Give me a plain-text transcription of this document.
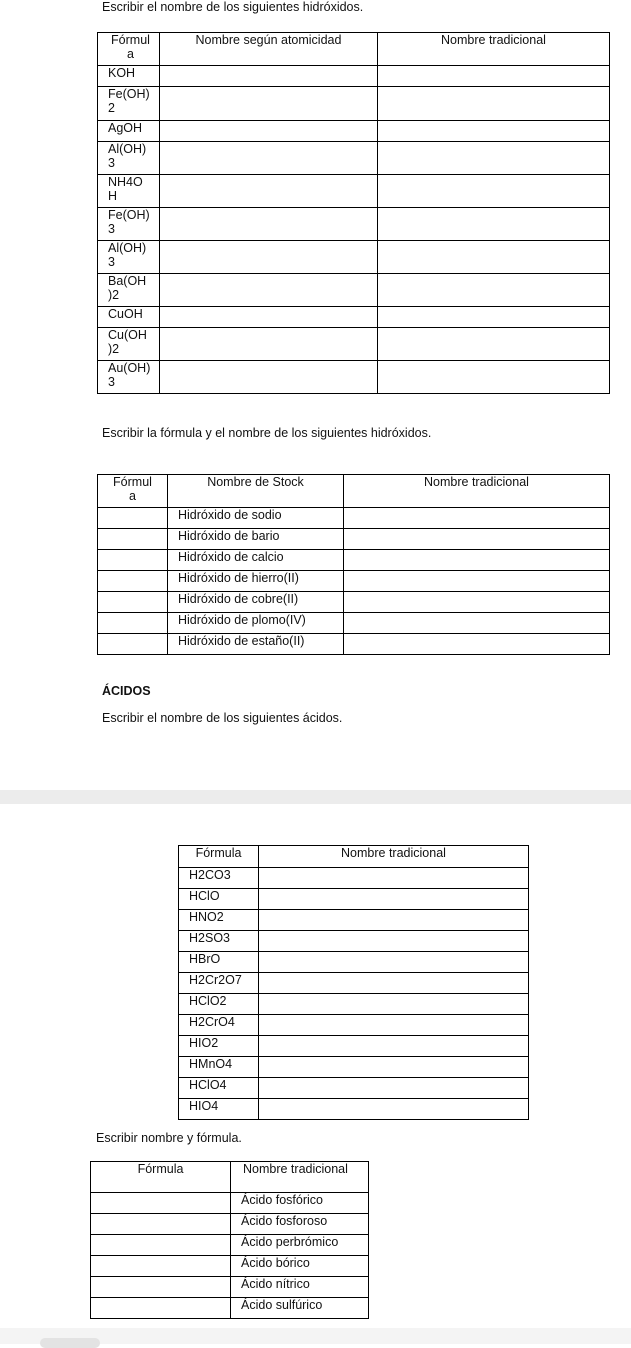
Escribir el nombre de los siguientes hidróxidos.
Fórmul a	Nombre según atomicidad	Nombre tradicional
KOH		
Fe(OH) 2		
AgOH		
Al(OH) 3		
NH4O H		
Fe(OH) 3		
Al(OH) 3		
Ba(OH )2		
CuOH		
Cu(OH )2		
Au(OH) 3		
Escribir la fórmula y el nombre de los siguientes hidróxidos.
Fórmul a	Nombre de Stock	Nombre tradicional
	Hidróxido de sodio	
	Hidróxido de bario	
	Hidróxido de calcio	
	Hidróxido de hierro(II)	
	Hidróxido de cobre(II)	
	Hidróxido de plomo(IV)	
	Hidróxido de estaño(II)	
ÁCIDOS
Escribir el nombre de los siguientes ácidos.
Fórmula	Nombre tradicional
H2CO3	
HClO	
HNO2	
H2SO3	
HBrO	
H2Cr2O7	
HClO2	
H2CrO4	
HIO2	
HMnO4	
HClO4	
HIO4	
Escribir nombre y fórmula.
Fórmula	Nombre tradicional
	Ácido fosfórico
	Ácido fosforoso
	Ácido perbrómico
	Ácido bórico
	Ácido nítrico
	Ácido sulfúrico
